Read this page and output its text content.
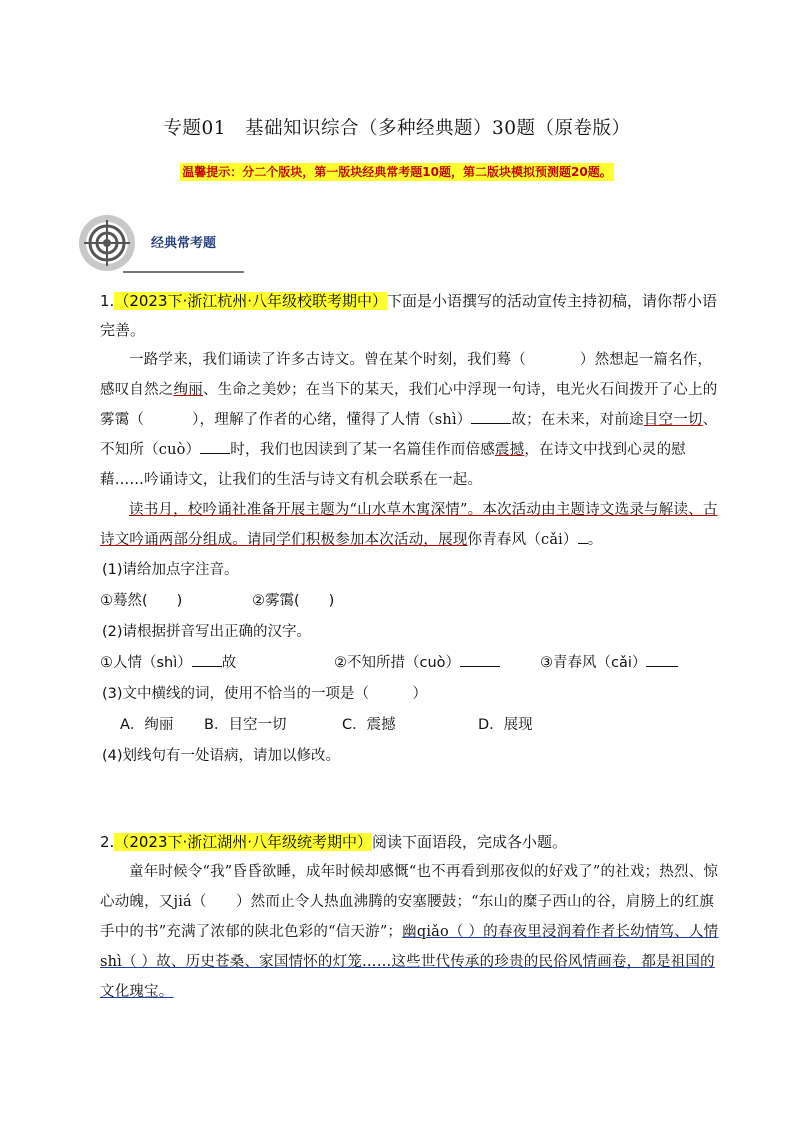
专题01　基础知识综合（多种经典题）30题（原卷版）
温馨提示：分二个版块，第一版块经典常考题10题，第二版块模拟预测题20题。
经典常考题
1.（2023下·浙江杭州·八年级校联考期中）下面是小语撰写的活动宣传主持初稿，请你帮小语完善。
一路学来，我们诵读了许多古诗文。曾在某个时刻，我们蓦（	）然想起一篇名作，感叹自然之绚丽、生命之美妙；在当下的某天，我们心中浮现一句诗，电光火石间拨开了心上的雾霭（	），理解了作者的心绪，懂得了人情（shì）	故；在未来，对前途目空一切、不知所（cuò） 时，我们也因读到了某一名篇佳作而倍感震撼，在诗文中找到心灵的慰藉……吟诵诗文，让我们的生活与诗文有机会联系在一起。
读书月，校吟诵社准备开展主题为“山水草木寓深情”。本次活动由主题诗文选录与解读、古诗文吟诵两部分组成。请同学们积极参加本次活动，展现你青春风（cǎi） 。
(1)请给加点字注音。
①蓦然(　　)	②雾霭(　　)
(2)请根据拼音写出正确的汉字。
①人情（shì） 故	②不知所措（cuò）	③青春风（cǎi）
(3)文中横线的词，使用不恰当的一项是（　　　）
A．绚丽	B．目空一切	C．震撼	D．展现
(4)划线句有一处语病，请加以修改。
2.（2023下·浙江湖州·八年级统考期中）阅读下面语段，完成各小题。
童年时候令“我”昏昏欲睡，成年时候却感慨“也不再看到那夜似的好戏了”的社戏；热烈、惊心动魄，又jiá（　　）然而止令人热血沸腾的安塞腰鼓；“东山的糜子西山的谷，肩膀上的红旗手中的书”充满了浓郁的陕北色彩的“信天游”；幽qiǎo（ ）的春夜里浸润着作者长幼情笃、人情shì（ ）故、历史苍桑、家国情怀的灯笼……这些世代传承的珍贵的民俗风情画卷，都是祖国的文化瑰宝。
